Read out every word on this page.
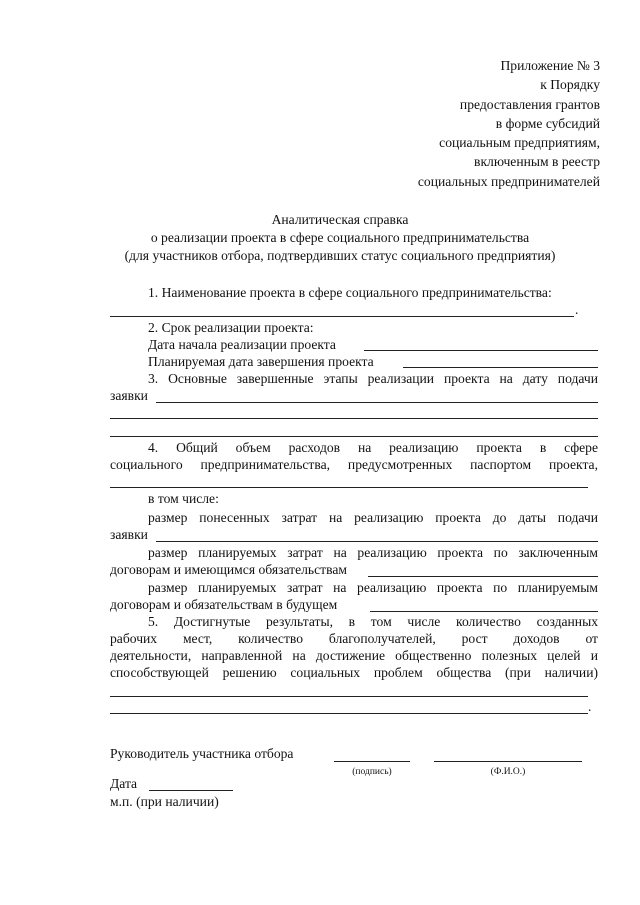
Приложение № 3
к Порядку
предоставления грантов
в форме субсидий
социальным предприятиям,
включенным в реестр
социальных предпринимателей
Аналитическая справка
о реализации проекта в сфере социального предпринимательства
(для участников отбора, подтвердивших статус социального предприятия)
1. Наименование проекта в сфере социального предпринимательства:
.
2. Срок реализации проекта:
Дата начала реализации проекта
Планируемая дата завершения проекта
3. Основные завершенные этапы реализации проекта на дату подачи
заявки
4. Общий объем расходов на реализацию проекта в сфере
социального предпринимательства, предусмотренных паспортом проекта,
в том числе:
размер понесенных затрат на реализацию проекта до даты подачи
заявки
размер планируемых затрат на реализацию проекта по заключенным
договорам и имеющимся обязательствам
размер планируемых затрат на реализацию проекта по планируемым
договорам и обязательствам в будущем
5. Достигнутые результаты, в том числе количество созданных
рабочих мест, количество благополучателей, рост доходов от
деятельности, направленной на достижение общественно полезных целей и
способствующей решению социальных проблем общества (при наличии)
.
Руководитель участника отбора
(подпись)	(Ф.И.О.)
Дата
м.п. (при наличии)
